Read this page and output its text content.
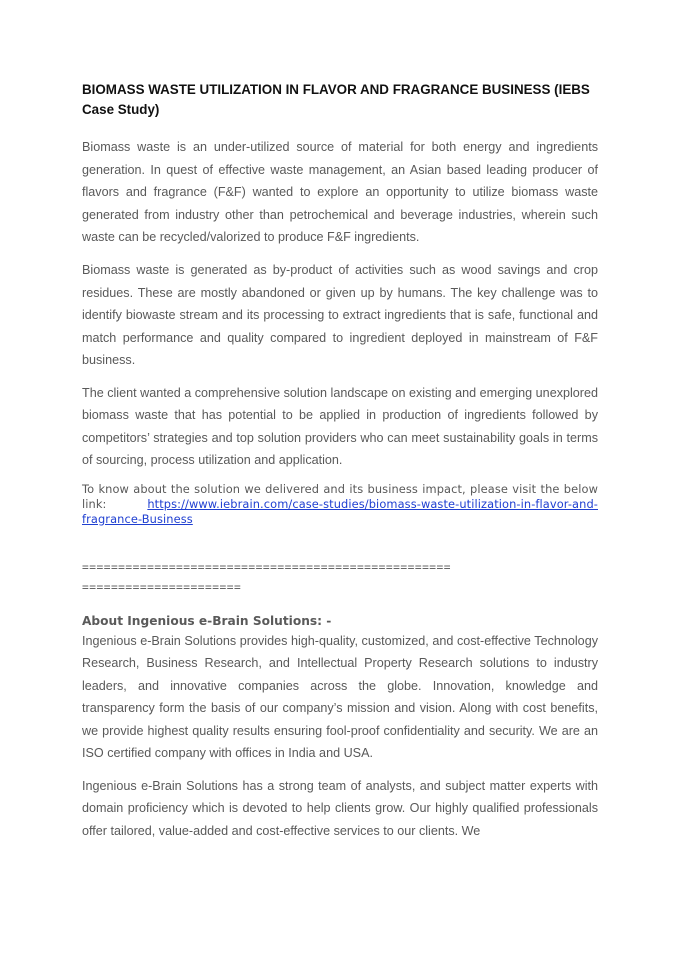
BIOMASS WASTE UTILIZATION IN FLAVOR AND FRAGRANCE BUSINESS (IEBS Case Study)

Biomass waste is an under-utilized source of material for both energy and ingredients generation. In quest of effective waste management, an Asian based leading producer of flavors and fragrance (F&F) wanted to explore an opportunity to utilize biomass waste generated from industry other than petrochemical and beverage industries, wherein such waste can be recycled/valorized to produce F&F ingredients.

Biomass waste is generated as by-product of activities such as wood savings and crop residues. These are mostly abandoned or given up by humans. The key challenge was to identify biowaste stream and its processing to extract ingredients that is safe, functional and match performance and quality compared to ingredient deployed in mainstream of F&F business.

The client wanted a comprehensive solution landscape on existing and emerging unexplored biomass waste that has potential to be applied in production of ingredients followed by competitors’ strategies and top solution providers who can meet sustainability goals in terms of sourcing, process utilization and application.

To know about the solution we delivered and its business impact, please visit the below link: https://www.iebrain.com/case-studies/biomass-waste-utilization-in-flavor-and-fragrance-Business

===================================================
======================

About Ingenious e-Brain Solutions: -

Ingenious e-Brain Solutions provides high-quality, customized, and cost-effective Technology Research, Business Research, and Intellectual Property Research solutions to industry leaders, and innovative companies across the globe. Innovation, knowledge and transparency form the basis of our company’s mission and vision. Along with cost benefits, we provide highest quality results ensuring fool-proof confidentiality and security. We are an ISO certified company with offices in India and USA.

Ingenious e-Brain Solutions has a strong team of analysts, and subject matter experts with domain proficiency which is devoted to help clients grow. Our highly qualified professionals offer tailored, value-added and cost-effective services to our clients. We
